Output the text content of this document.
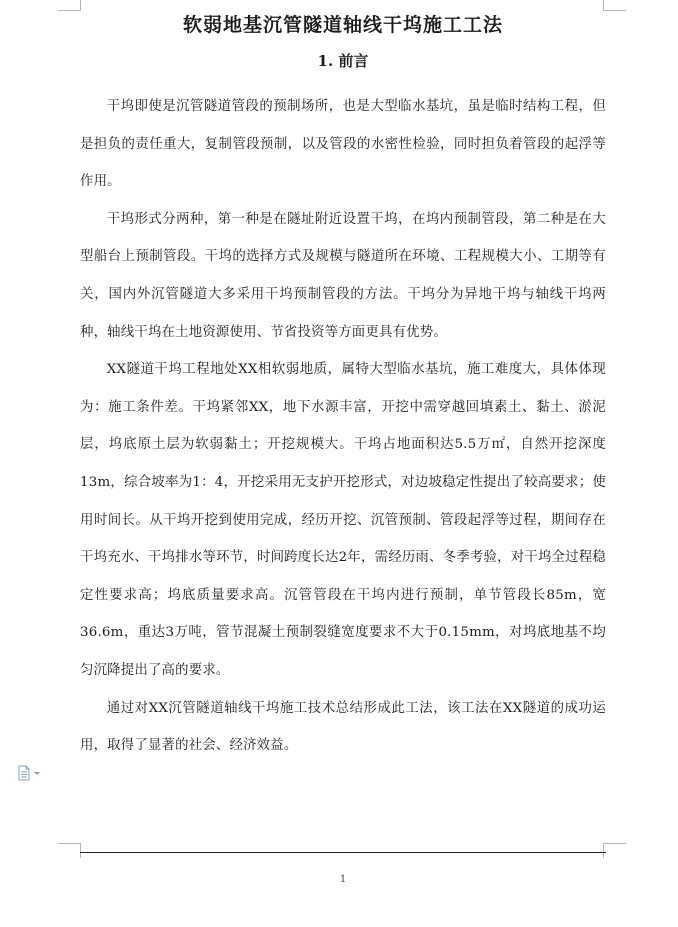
软弱地基沉管隧道轴线干坞施工工法
1. 前言

干坞即使是沉管隧道管段的预制场所，也是大型临水基坑，虽是临时结构工程，但是担负的责任重大，复制管段预制，以及管段的水密性检验，同时担负着管段的起浮等作用。

干坞形式分两种，第一种是在隧址附近设置干坞，在坞内预制管段，第二种是在大型船台上预制管段。干坞的选择方式及规模与隧道所在环境、工程规模大小、工期等有关，国内外沉管隧道大多采用干坞预制管段的方法。干坞分为异地干坞与轴线干坞两种，轴线干坞在土地资源使用、节省投资等方面更具有优势。

XX隧道干坞工程地处XX相软弱地质，属特大型临水基坑，施工难度大，具体体现为：施工条件差。干坞紧邻XX，地下水源丰富，开挖中需穿越回填素土、黏土、淤泥层，坞底原土层为软弱黏土；开挖规模大。干坞占地面积达5.5万㎡，自然开挖深度13m，综合坡率为1：4，开挖采用无支护开挖形式，对边坡稳定性提出了较高要求；使用时间长。从干坞开挖到使用完成，经历开挖、沉管预制、管段起浮等过程，期间存在干坞充水、干坞排水等环节，时间跨度长达2年，需经历雨、冬季考验，对干坞全过程稳定性要求高；坞底质量要求高。沉管管段在干坞内进行预制，单节管段长85m，宽36.6m，重达3万吨，管节混凝土预制裂缝宽度要求不大于0.15mm，对坞底地基不均匀沉降提出了高的要求。

通过对XX沉管隧道轴线干坞施工技术总结形成此工法，该工法在XX隧道的成功运用，取得了显著的社会、经济效益。

1
